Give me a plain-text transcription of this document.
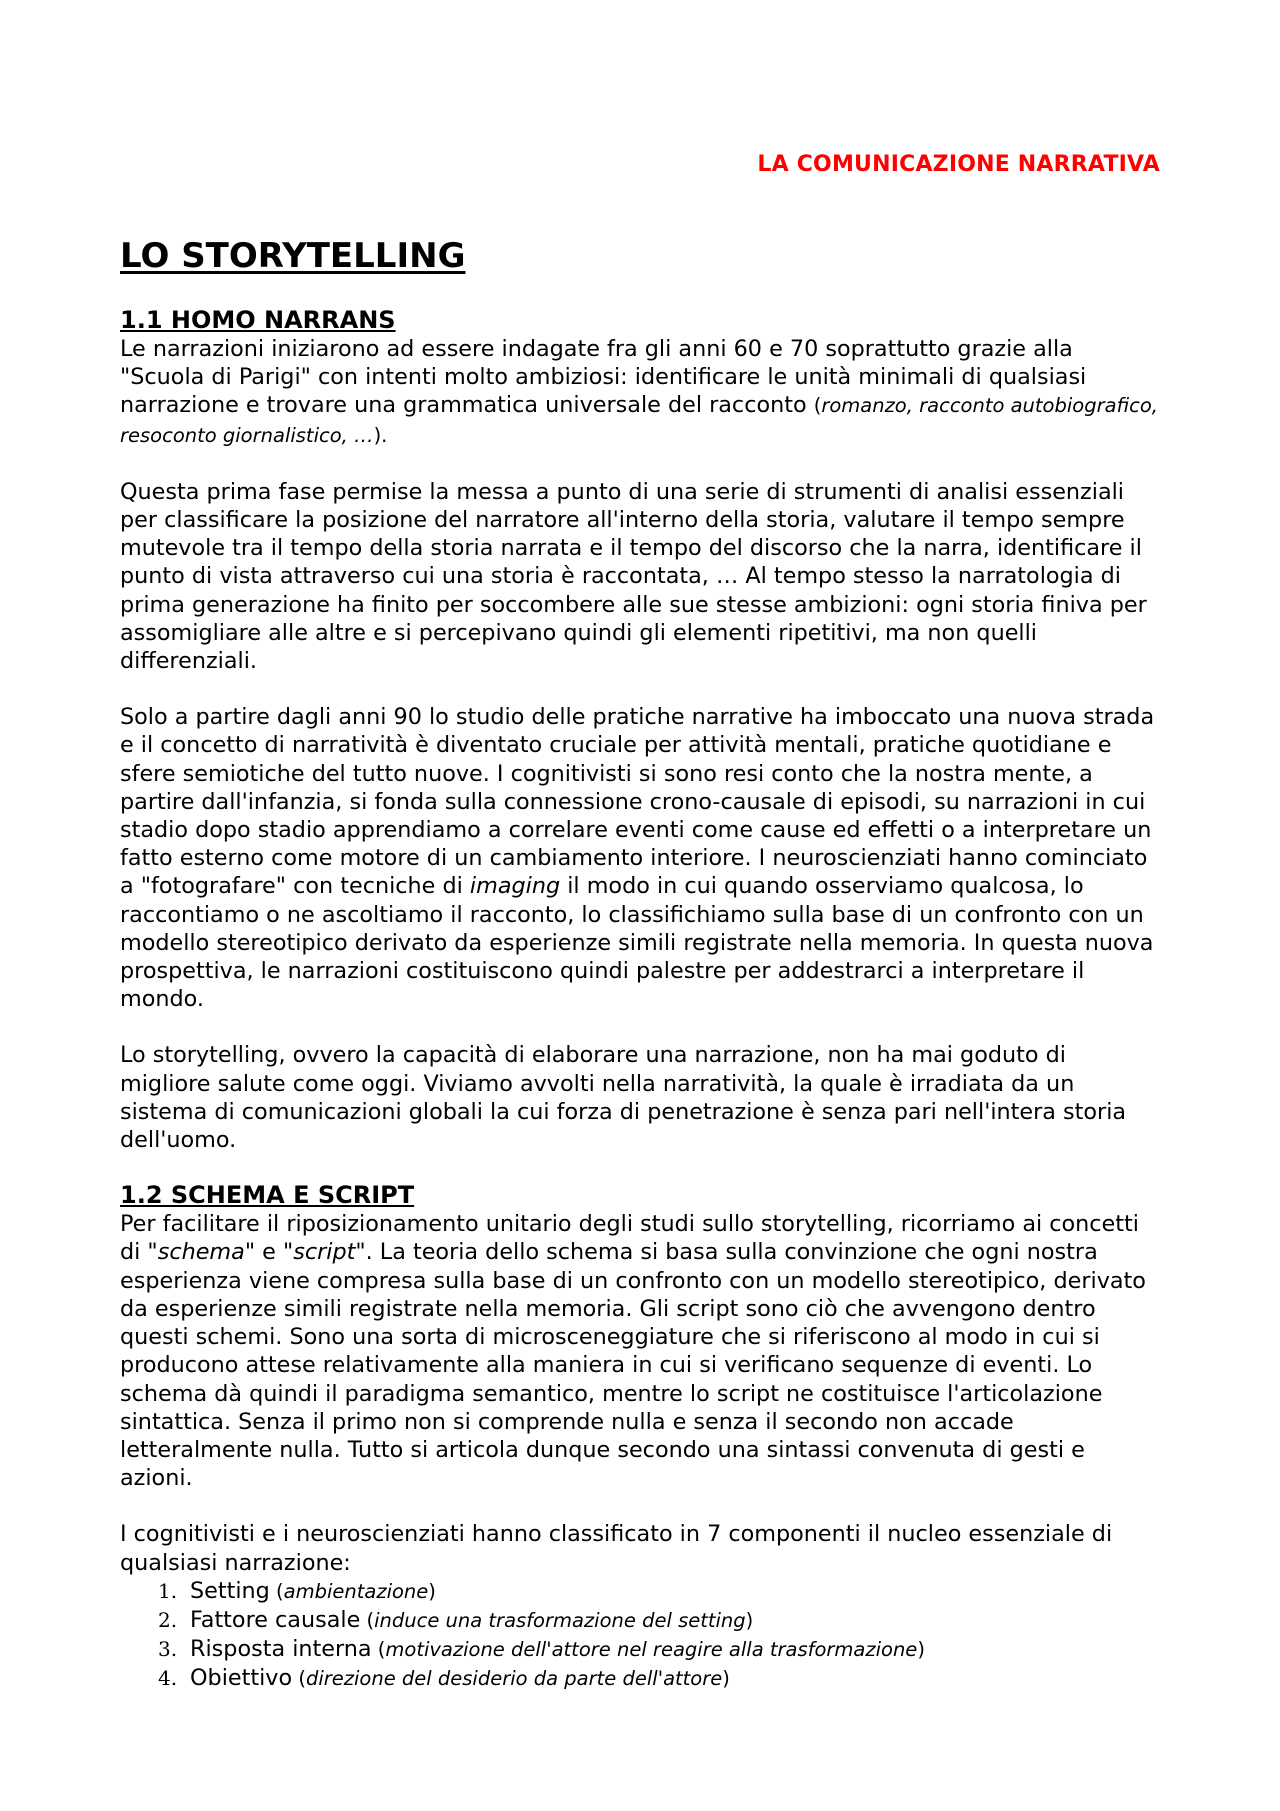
LA COMUNICAZIONE NARRATIVA
LO STORYTELLING
1.1 HOMO NARRANS

Le narrazioni iniziarono ad essere indagate fra gli anni 60 e 70 soprattutto grazie alla "Scuola di Parigi" con intenti molto ambiziosi: identificare le unità minimali di qualsiasi narrazione e trovare una grammatica universale del racconto (romanzo, racconto autobiografico, resoconto giornalistico, …).

Questa prima fase permise la messa a punto di una serie di strumenti di analisi essenziali per classificare la posizione del narratore all'interno della storia, valutare il tempo sempre mutevole tra il tempo della storia narrata e il tempo del discorso che la narra, identificare il punto di vista attraverso cui una storia è raccontata, … Al tempo stesso la narratologia di prima generazione ha finito per soccombere alle sue stesse ambizioni: ogni storia finiva per assomigliare alle altre e si percepivano quindi gli elementi ripetitivi, ma non quelli differenziali.

Solo a partire dagli anni 90 lo studio delle pratiche narrative ha imboccato una nuova strada e il concetto di narratività è diventato cruciale per attività mentali, pratiche quotidiane e sfere semiotiche del tutto nuove. I cognitivisti si sono resi conto che la nostra mente, a partire dall'infanzia, si fonda sulla connessione crono-causale di episodi, su narrazioni in cui stadio dopo stadio apprendiamo a correlare eventi come cause ed effetti o a interpretare un fatto esterno come motore di un cambiamento interiore. I neuroscienziati hanno cominciato a "fotografare" con tecniche di imaging il modo in cui quando osserviamo qualcosa, lo raccontiamo o ne ascoltiamo il racconto, lo classifichiamo sulla base di un confronto con un modello stereotipico derivato da esperienze simili registrate nella memoria. In questa nuova prospettiva, le narrazioni costituiscono quindi palestre per addestrarci a interpretare il mondo.

Lo storytelling, ovvero la capacità di elaborare una narrazione, non ha mai goduto di migliore salute come oggi. Viviamo avvolti nella narratività, la quale è irradiata da un sistema di comunicazioni globali la cui forza di penetrazione è senza pari nell'intera storia dell'uomo.

1.2 SCHEMA E SCRIPT

Per facilitare il riposizionamento unitario degli studi sullo storytelling, ricorriamo ai concetti di "schema" e "script". La teoria dello schema si basa sulla convinzione che ogni nostra esperienza viene compresa sulla base di un confronto con un modello stereotipico, derivato da esperienze simili registrate nella memoria. Gli script sono ciò che avvengono dentro questi schemi. Sono una sorta di microsceneggiature che si riferiscono al modo in cui si producono attese relativamente alla maniera in cui si verificano sequenze di eventi. Lo schema dà quindi il paradigma semantico, mentre lo script ne costituisce l'articolazione sintattica. Senza il primo non si comprende nulla e senza il secondo non accade letteralmente nulla. Tutto si articola dunque secondo una sintassi convenuta di gesti e azioni.

I cognitivisti e i neuroscienziati hanno classificato in 7 componenti il nucleo essenziale di qualsiasi narrazione:

1. Setting (ambientazione)
2. Fattore causale (induce una trasformazione del setting)
3. Risposta interna (motivazione dell'attore nel reagire alla trasformazione)
4. Obiettivo (direzione del desiderio da parte dell'attore)
